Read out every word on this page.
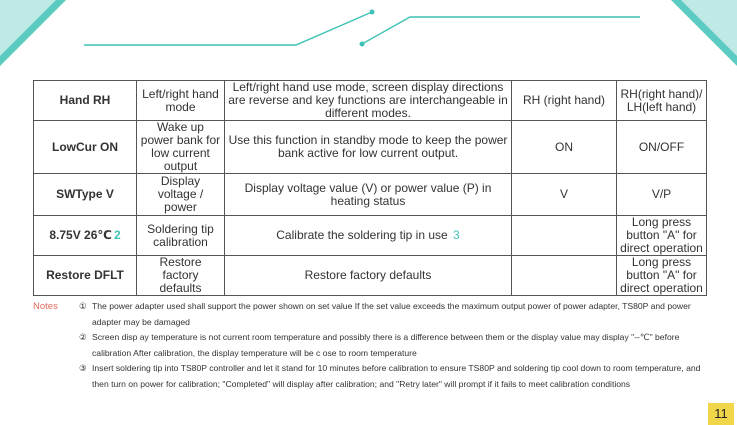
Hand RH	Left/right hand mode	Left/right hand use mode, screen display directions are reverse and key functions are interchangeable in different modes.	RH (right hand)	RH(right hand)/ LH(left hand)
LowCur ON	Wake up power bank for low current output	Use this function in standby mode to keep the power bank active for low current output.	ON	ON/OFF
SWType V	Display voltage / power	Display voltage value (V) or power value (P) in heating status	V	V/P
8.75V 26℃ 2	Soldering tip calibration	Calibrate the soldering tip in use 3		Long press button "A" for direct operation
Restore DFLT	Restore factory defaults	Restore factory defaults		Long press button "A" for direct operation
Notes	① The power adapter used shall support the power shown on set value If the set value exceeds the maximum output power of power adapter, TS80P and power adapter may be damaged
② Screen disp ay temperature is not current room temperature and possibly there is a difference between them or the display value may display "--℃" before calibration After calibration, the display temperature will be c ose to room temperature
③ Insert soldering tip into TS80P controller and let it stand for 10 minutes before calibration to ensure TS80P and soldering tip cool down to room temperature, and then turn on power for calibration; "Completed" will display after calibration; and "Retry later" will prompt if it fails to meet calibration conditions
11
